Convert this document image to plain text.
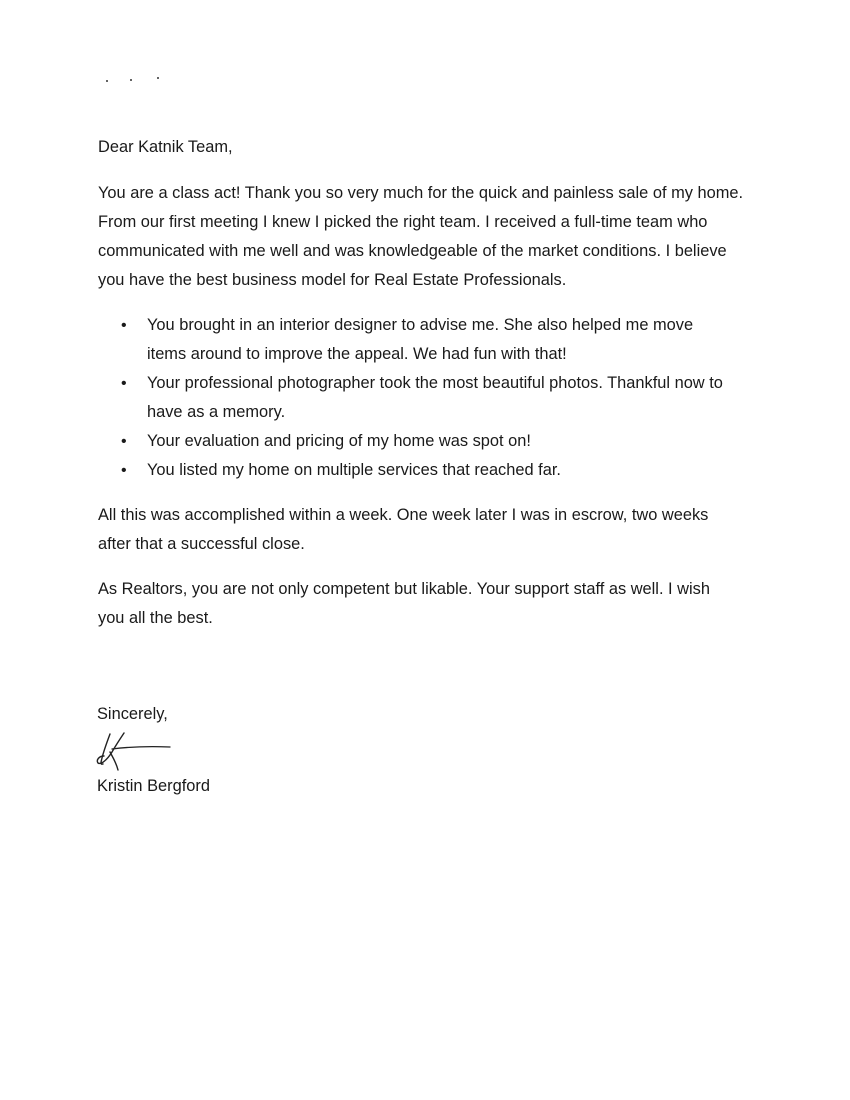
Dear Katnik Team,

You are a class act! Thank you so very much for the quick and painless sale of my home. From our first meeting I knew I picked the right team. I received a full-time team who communicated with me well and was knowledgeable of the market conditions. I believe you have the best business model for Real Estate Professionals.

• You brought in an interior designer to advise me. She also helped me move items around to improve the appeal. We had fun with that!
• Your professional photographer took the most beautiful photos. Thankful now to have as a memory.
• Your evaluation and pricing of my home was spot on!
• You listed my home on multiple services that reached far.

All this was accomplished within a week. One week later I was in escrow, two weeks after that a successful close.

As Realtors, you are not only competent but likable. Your support staff as well. I wish you all the best.

Sincerely,

Kristin Bergford
